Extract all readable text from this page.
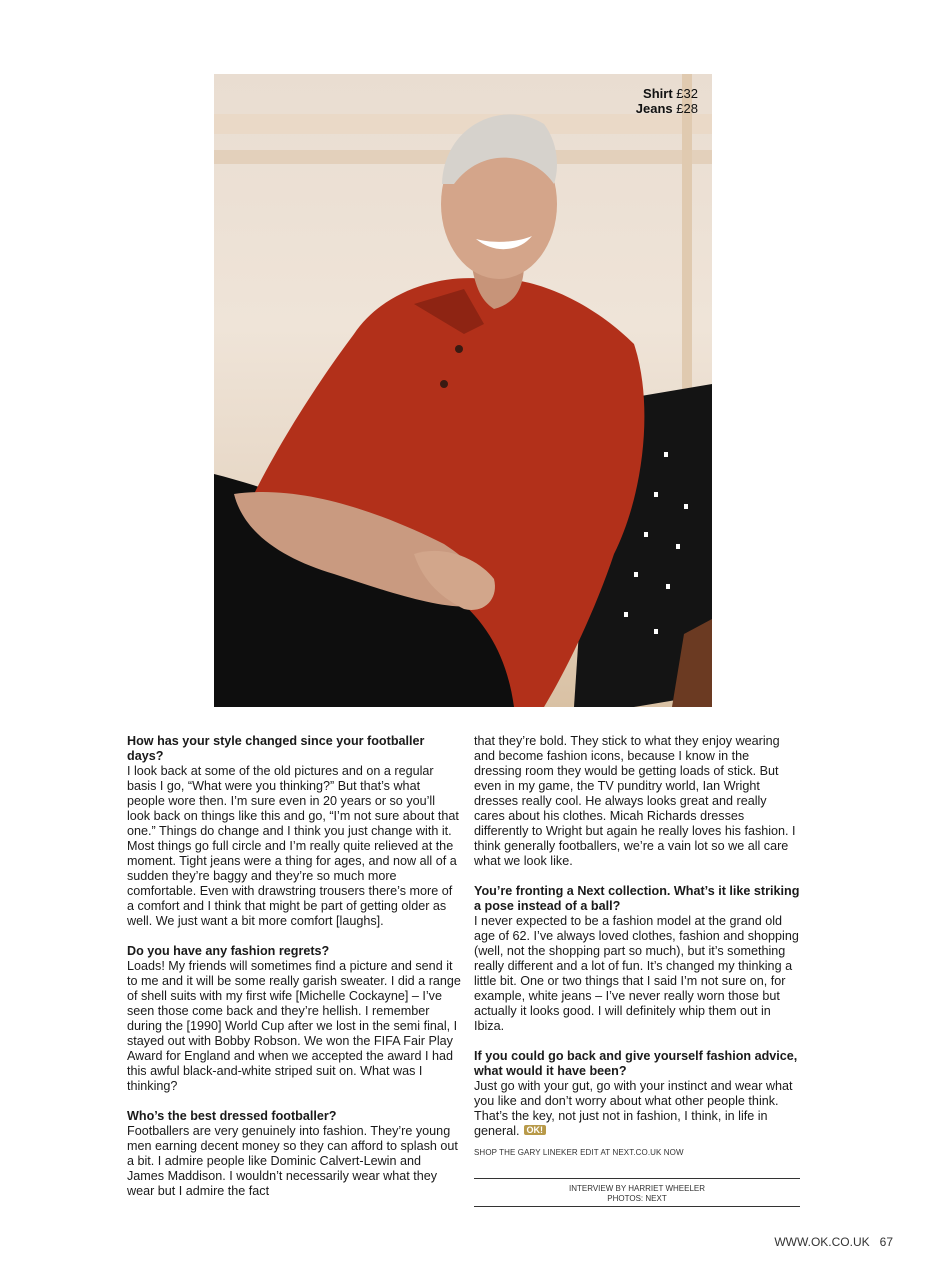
Shirt £32
Jeans £28

How has your style changed since your footballer days?

I look back at some of the old pictures and on a regular basis I go, “What were you thinking?” But that’s what people wore then. I’m sure even in 20 years or so you’ll look back on things like this and go, “I’m not sure about that one.” Things do change and I think you just change with it. Most things go full circle and I’m really quite relieved at the moment. Tight jeans were a thing for ages, and now all of a sudden they’re baggy and they’re so much more comfortable. Even with drawstring trousers there’s more of a comfort and I think that might be part of getting older as well. We just want a bit more comfort [laughs].

Do you have any fashion regrets?

Loads! My friends will sometimes find a picture and send it to me and it will be some really garish sweater. I did a range of shell suits with my first wife [Michelle Cockayne] – I’ve seen those come back and they’re hellish. I remember during the [1990] World Cup after we lost in the semi final, I stayed out with Bobby Robson. We won the FIFA Fair Play Award for England and when we accepted the award I had this awful black-and-white striped suit on. What was I thinking?

Who’s the best dressed footballer?

Footballers are very genuinely into fashion. They’re young men earning decent money so they can afford to splash out a bit. I admire people like Dominic Calvert-Lewin and James Maddison. I wouldn’t necessarily wear what they wear but I admire the fact

that they’re bold. They stick to what they enjoy wearing and become fashion icons, because I know in the dressing room they would be getting loads of stick. But even in my game, the TV punditry world, Ian Wright dresses really cool. He always looks great and really cares about his clothes. Micah Richards dresses differently to Wright but again he really loves his fashion. I think generally footballers, we’re a vain lot so we all care what we look like.

You’re fronting a Next collection. What’s it like striking a pose instead of a ball?

I never expected to be a fashion model at the grand old age of 62. I’ve always loved clothes, fashion and shopping (well, not the shopping part so much), but it’s something really different and a lot of fun. It’s changed my thinking a little bit. One or two things that I said I’m not sure on, for example, white jeans – I’ve never really worn those but actually it looks good. I will definitely whip them out in Ibiza.

If you could go back and give yourself fashion advice, what would it have been?

Just go with your gut, go with your instinct and wear what you like and don’t worry about what other people think. That’s the key, not just not in fashion, I think, in life in general. OK!

SHOP THE GARY LINEKER EDIT AT NEXT.CO.UK NOW
INTERVIEW BY HARRIET WHEELER
PHOTOS: NEXT
WWW.OK.CO.UK 67
